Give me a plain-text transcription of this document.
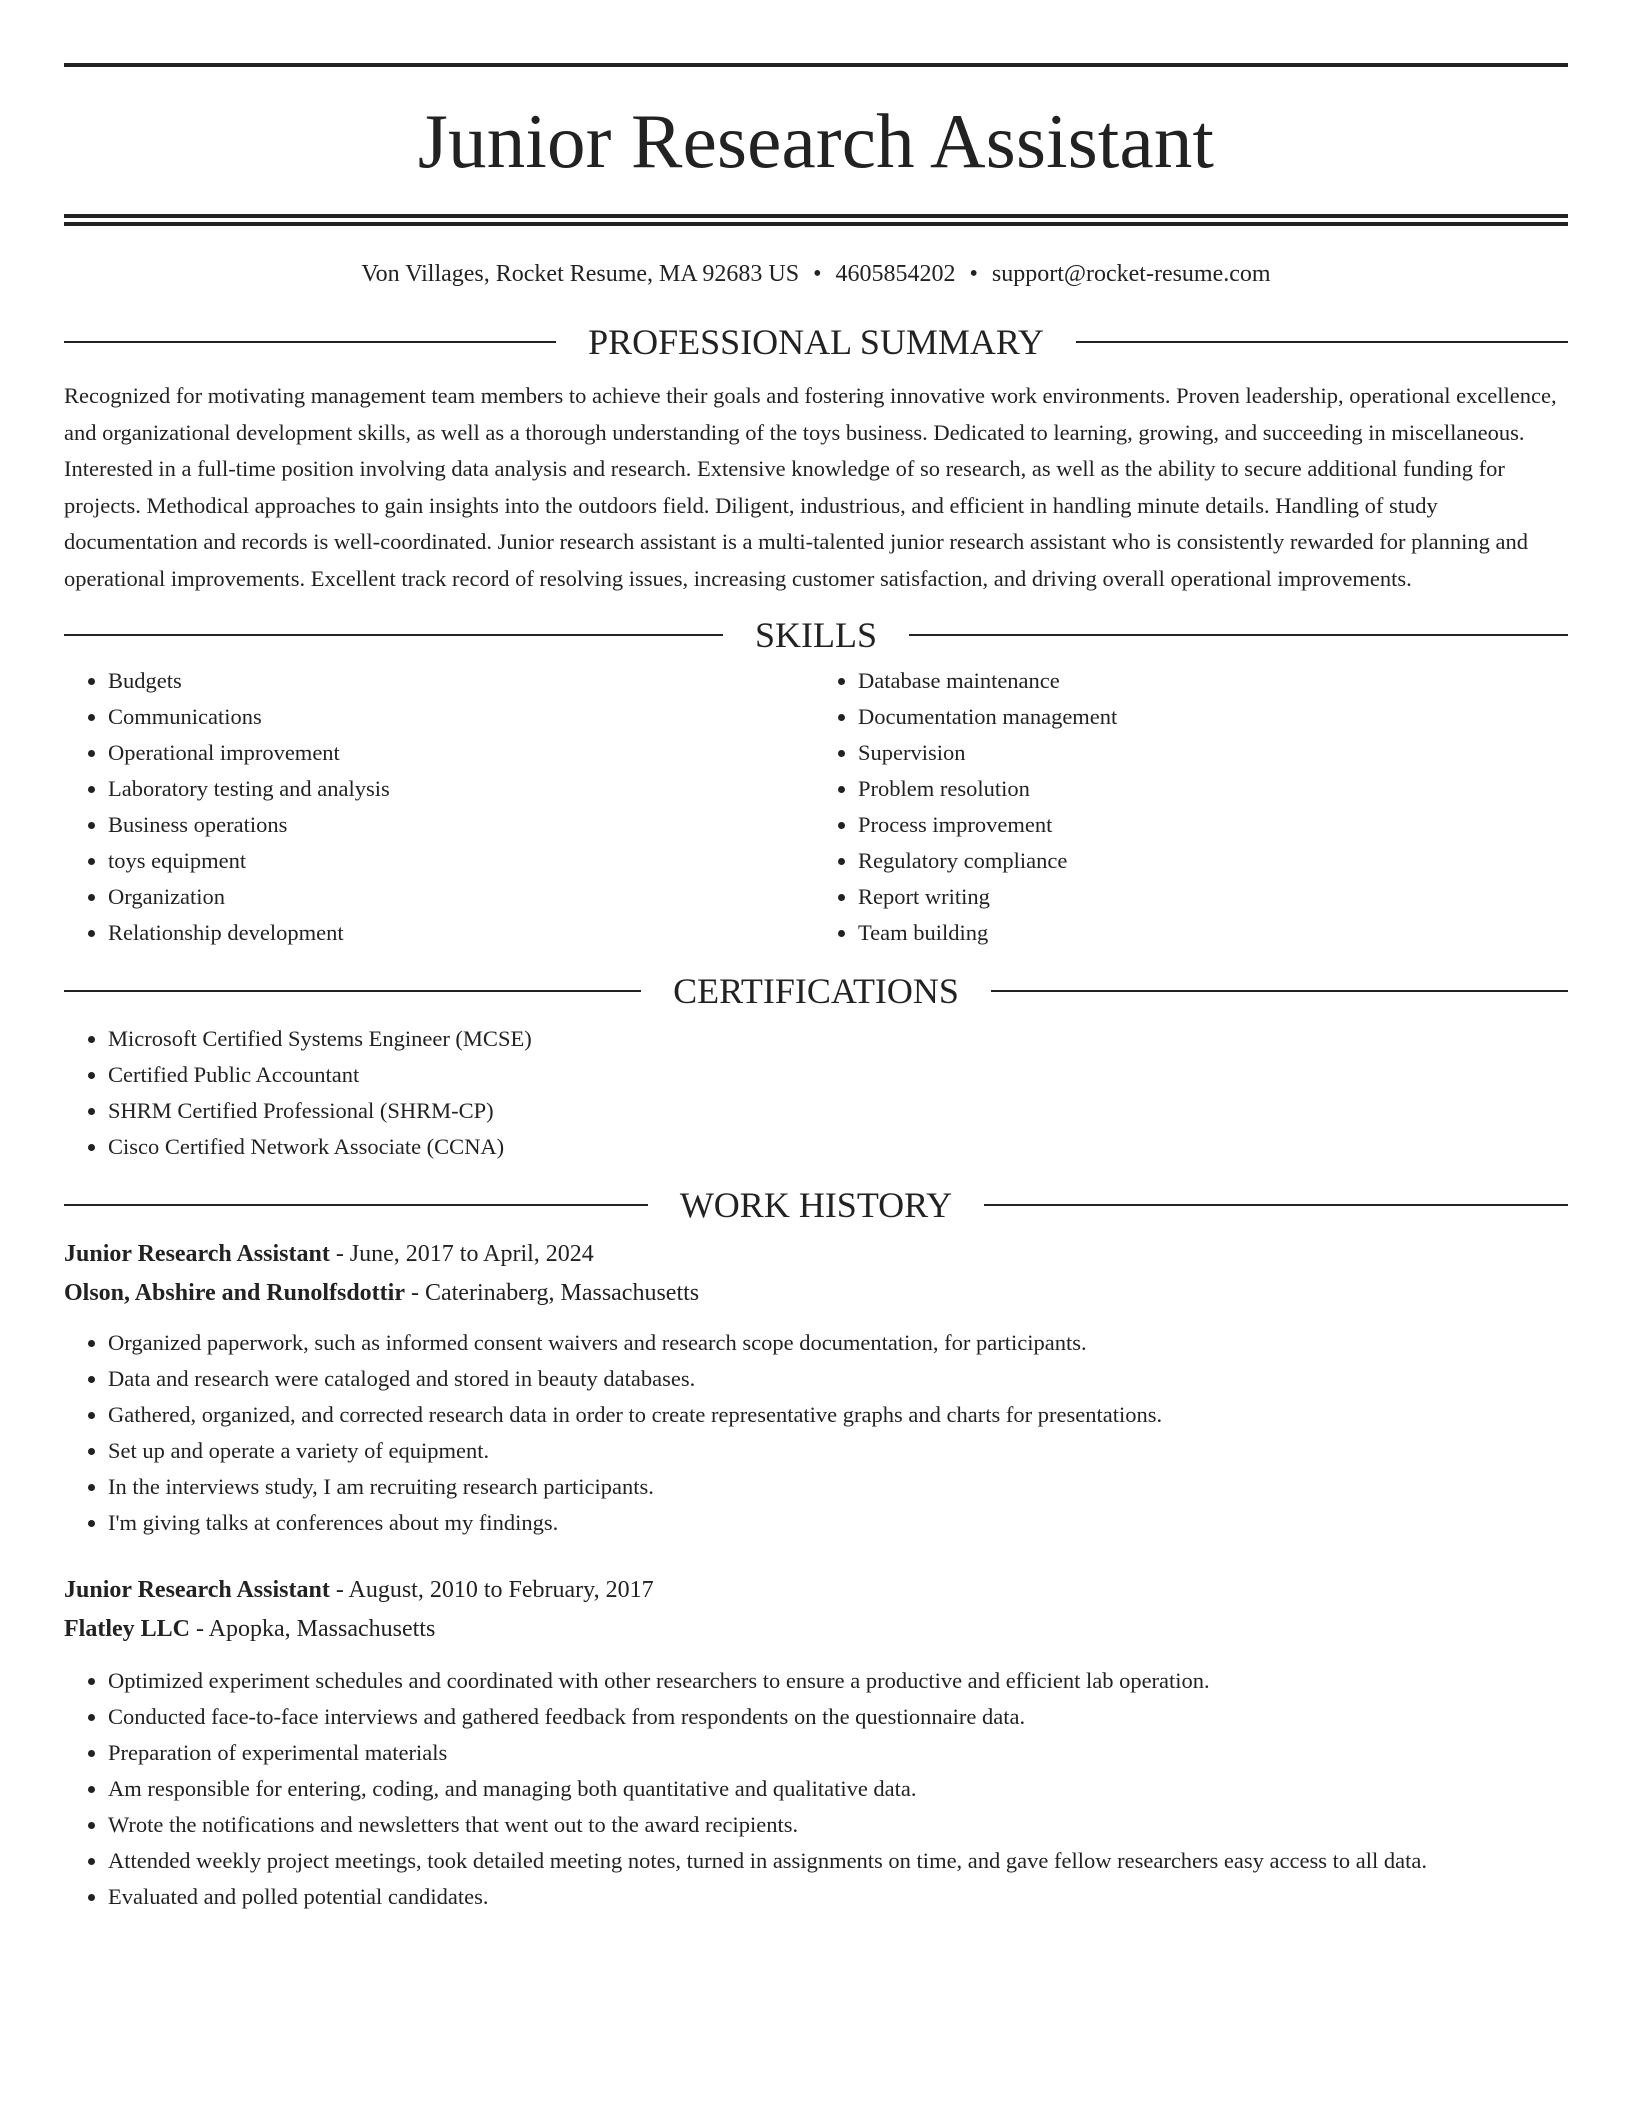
Junior Research Assistant
Von Villages, Rocket Resume, MA 92683 US • 4605854202 • support@rocket-resume.com
PROFESSIONAL SUMMARY

Recognized for motivating management team members to achieve their goals and fostering innovative work environments. Proven leadership, operational excellence, and organizational development skills, as well as a thorough understanding of the toys business. Dedicated to learning, growing, and succeeding in miscellaneous. Interested in a full-time position involving data analysis and research. Extensive knowledge of so research, as well as the ability to secure additional funding for projects. Methodical approaches to gain insights into the outdoors field. Diligent, industrious, and efficient in handling minute details. Handling of study documentation and records is well-coordinated. Junior research assistant is a multi-talented junior research assistant who is consistently rewarded for planning and operational improvements. Excellent track record of resolving issues, increasing customer satisfaction, and driving overall operational improvements.

SKILLS
• Budgets
• Communications
• Operational improvement
• Laboratory testing and analysis
• Business operations
• toys equipment
• Organization
• Relationship development
• Database maintenance
• Documentation management
• Supervision
• Problem resolution
• Process improvement
• Regulatory compliance
• Report writing
• Team building
CERTIFICATIONS
• Microsoft Certified Systems Engineer (MCSE)
• Certified Public Accountant
• SHRM Certified Professional (SHRM-CP)
• Cisco Certified Network Associate (CCNA)
WORK HISTORY
Junior Research Assistant - June, 2017 to April, 2024
Olson, Abshire and Runolfsdottir - Caterinaberg, Massachusetts
• Organized paperwork, such as informed consent waivers and research scope documentation, for participants.
• Data and research were cataloged and stored in beauty databases.
• Gathered, organized, and corrected research data in order to create representative graphs and charts for presentations.
• Set up and operate a variety of equipment.
• In the interviews study, I am recruiting research participants.
• I'm giving talks at conferences about my findings.
Junior Research Assistant - August, 2010 to February, 2017
Flatley LLC - Apopka, Massachusetts
• Optimized experiment schedules and coordinated with other researchers to ensure a productive and efficient lab operation.
• Conducted face-to-face interviews and gathered feedback from respondents on the questionnaire data.
• Preparation of experimental materials
• Am responsible for entering, coding, and managing both quantitative and qualitative data.
• Wrote the notifications and newsletters that went out to the award recipients.
• Attended weekly project meetings, took detailed meeting notes, turned in assignments on time, and gave fellow researchers easy access to all data.
• Evaluated and polled potential candidates.
